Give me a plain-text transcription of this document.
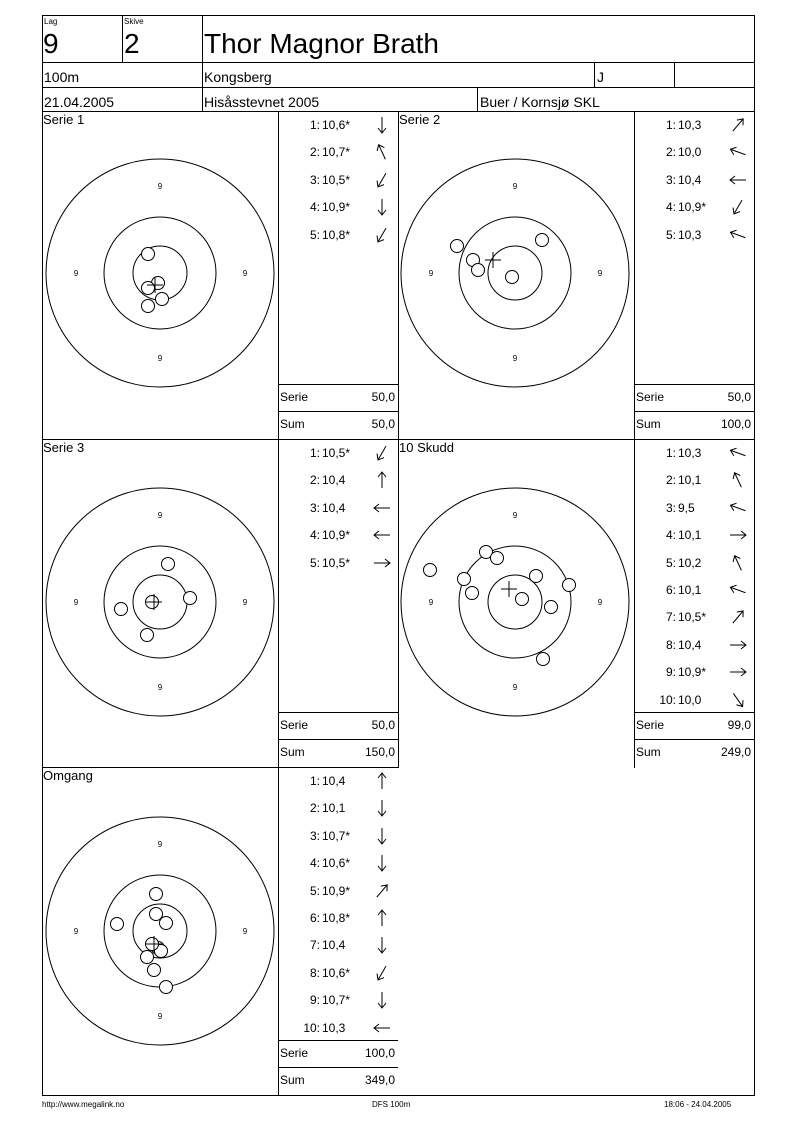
Lag
9
Skive
2 Thor Magnor Brath
100m	Kongsberg	J
21.04.2005	Hisåsstevnet 2005	Buer / Kornsjø SKL
Serie 1
9
9
9	9
1: 10,6*
2: 10,7*
3: 10,5*
4: 10,9*
5: 10,8*
Serie	50,0
Sum	50,0
Serie 2
9
9
9	9
1: 10,3
2: 10,0
3: 10,4
4: 10,9*
5: 10,3
Serie	50,0
Sum	100,0
Serie 3
9
9
9	9
1: 10,5*
2: 10,4
3: 10,4
4: 10,9*
5: 10,5*
Serie	50,0
Sum	150,0
10 Skudd
9
9
9	9
1: 10,3
2: 10,1
3: 9,5
4: 10,1
5: 10,2
6: 10,1
7: 10,5*
8: 10,4
9: 10,9*
10: 10,0
Serie	99,0
Sum	249,0
Omgang
9
9
9	9
1: 10,4
2: 10,1
3: 10,7*
4: 10,6*
5: 10,9*
6: 10,8*
7: 10,4
8: 10,6*
9: 10,7*
10: 10,3
Serie	100,0
Sum	349,0
http://www.megalink.no	DFS 100m	18:06 - 24.04.2005
